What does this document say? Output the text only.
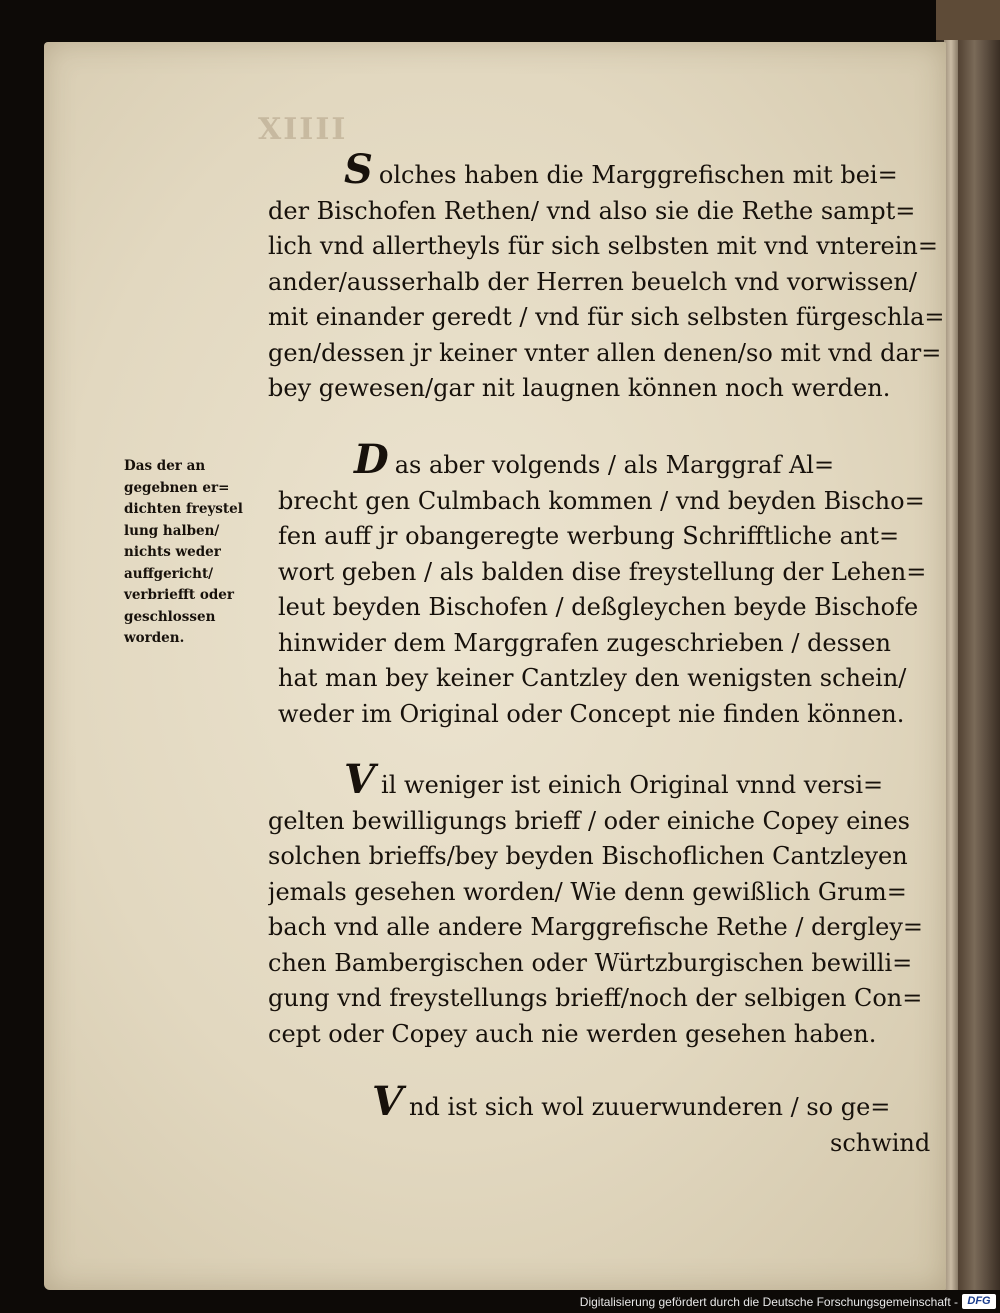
XIIII
Solches haben die Marggrefischen mit bei=
der Bischofen Rethen/ vnd also sie die Rethe sampt=
lich vnd allertheyls für sich selbsten mit vnd vnterein=
ander/ausserhalb der Herren beuelch vnd vorwissen/
mit einander geredt / vnd für sich selbsten fürgeschla=
gen/dessen jr keiner vnter allen denen/so mit vnd dar=
bey gewesen/gar nit laugnen können noch werden.
Das der an
gegebnen er=
dichten freystel
lung halben/
nichts weder
auffgericht/
verbriefft oder
geschlossen
worden.
Das aber volgends / als Marggraf Al=
brecht gen Culmbach kommen / vnd beyden Bischo=
fen auff jr obangeregte werbung Schrifftliche ant=
wort geben / als balden dise freystellung der Lehen=
leut beyden Bischofen / deßgleychen beyde Bischofe
hinwider dem Marggrafen zugeschrieben / dessen
hat man bey keiner Cantzley den wenigsten schein/
weder im Original oder Concept nie finden können.
Vil weniger ist einich Original vnnd versi=
gelten bewilligungs brieff / oder einiche Copey eines
solchen brieffs/bey beyden Bischoflichen Cantzleyen
jemals gesehen worden/ Wie denn gewißlich Grum=
bach vnd alle andere Marggrefische Rethe / dergley=
chen Bambergischen oder Würtzburgischen bewilli=
gung vnd freystellungs brieff/noch der selbigen Con=
cept oder Copey auch nie werden gesehen haben.
Vnd ist sich wol zuuerwunderen / so ge=
schwind
Digitalisierung gefördert durch die Deutsche Forschungsgemeinschaft - DFG
